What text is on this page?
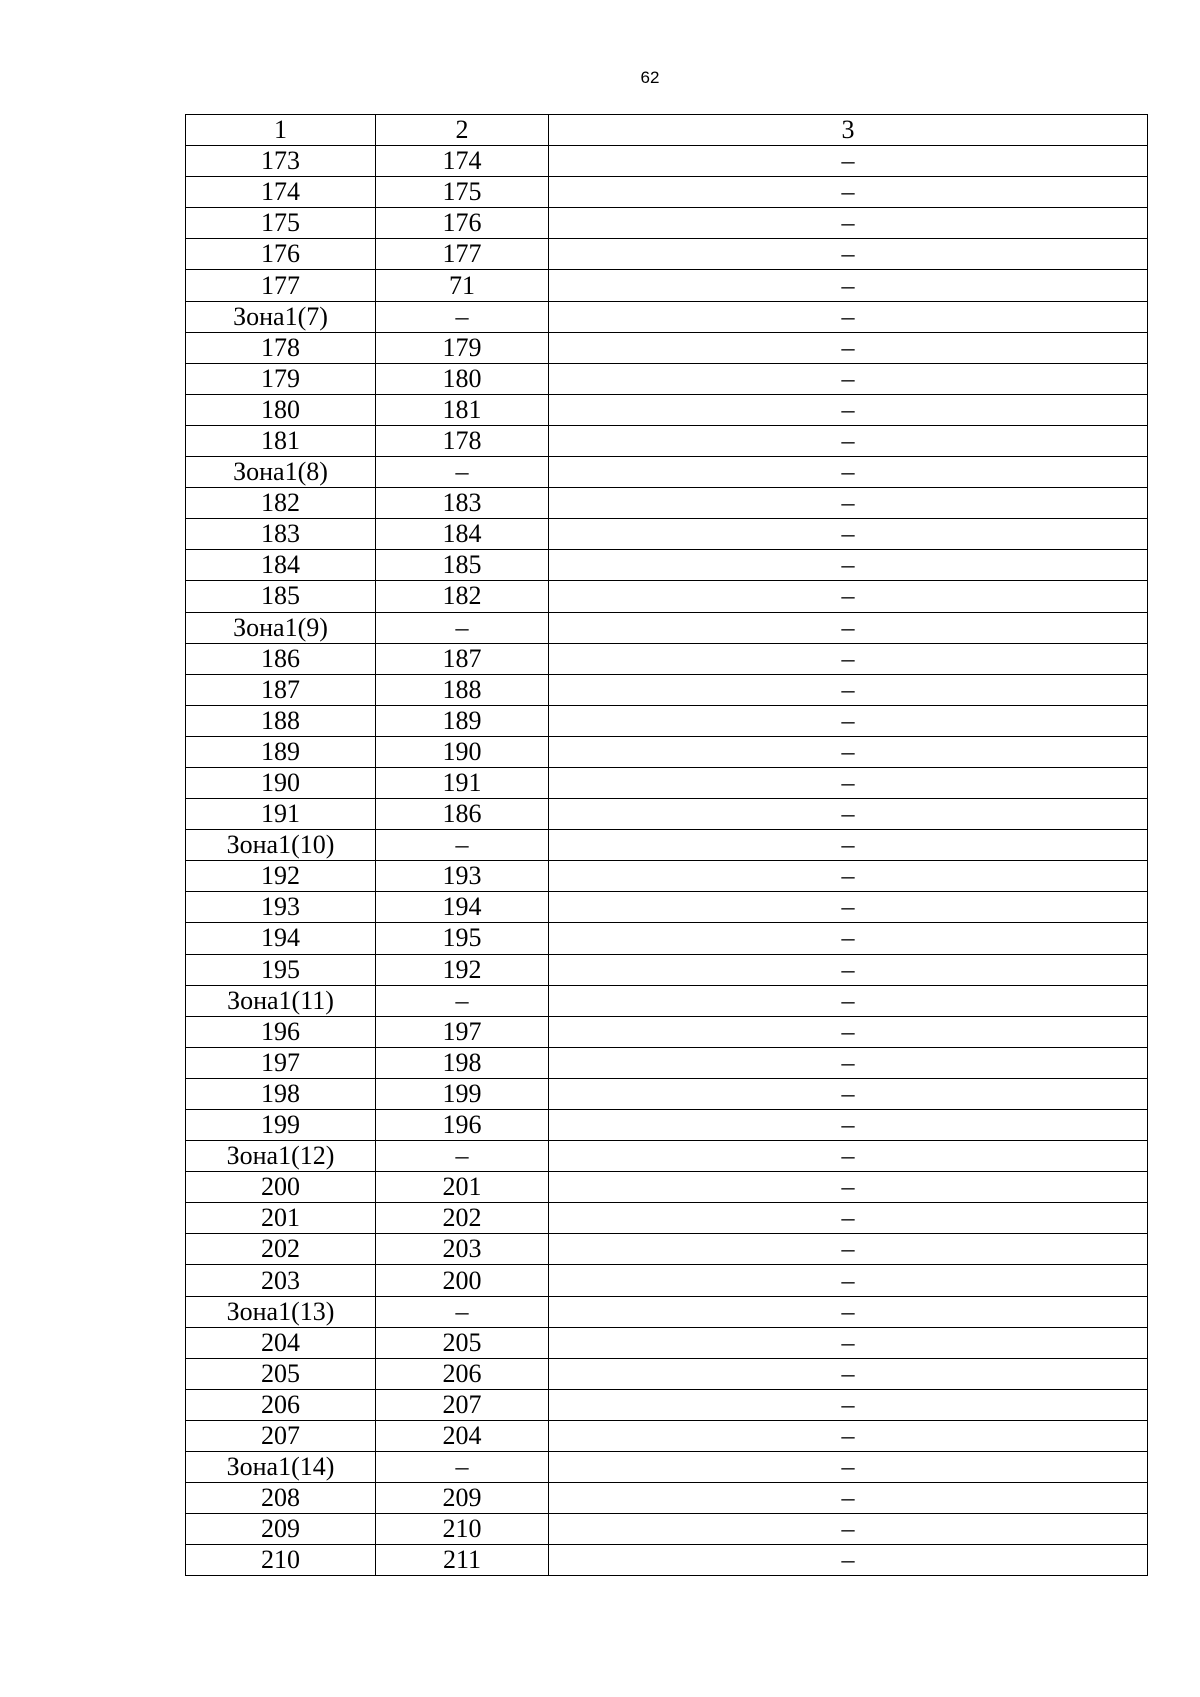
62
1	2	3
173	174	–
174	175	–
175	176	–
176	177	–
177	71	–
Зона1(7)	–	–
178	179	–
179	180	–
180	181	–
181	178	–
Зона1(8)	–	–
182	183	–
183	184	–
184	185	–
185	182	–
Зона1(9)	–	–
186	187	–
187	188	–
188	189	–
189	190	–
190	191	–
191	186	–
Зона1(10)	–	–
192	193	–
193	194	–
194	195	–
195	192	–
Зона1(11)	–	–
196	197	–
197	198	–
198	199	–
199	196	–
Зона1(12)	–	–
200	201	–
201	202	–
202	203	–
203	200	–
Зона1(13)	–	–
204	205	–
205	206	–
206	207	–
207	204	–
Зона1(14)	–	–
208	209	–
209	210	–
210	211	–
